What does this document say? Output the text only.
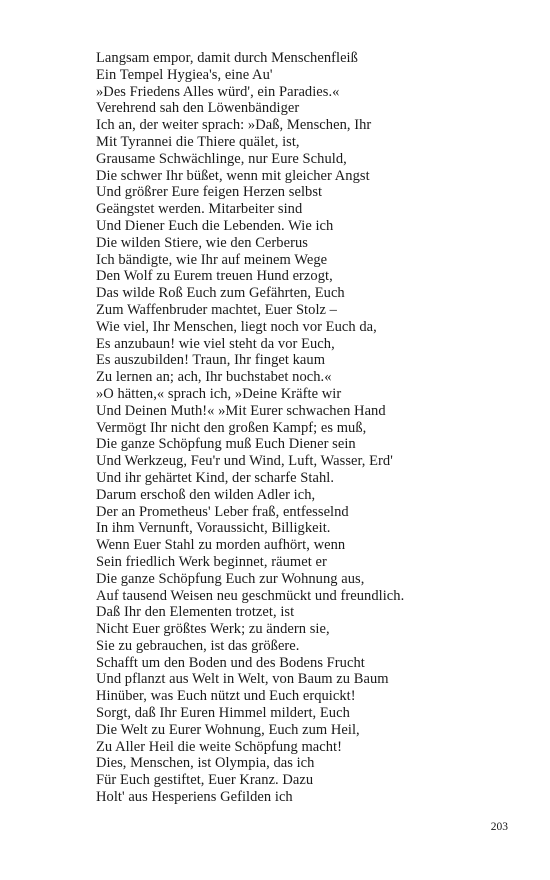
Langsam empor, damit durch Menschenfleiß
Ein Tempel Hygiea's, eine Au'
»Des Friedens Alles würd', ein Paradies.«
Verehrend sah den Löwenbändiger
Ich an, der weiter sprach: »Daß, Menschen, Ihr
Mit Tyrannei die Thiere quälet, ist,
Grausame Schwächlinge, nur Eure Schuld,
Die schwer Ihr büßet, wenn mit gleicher Angst
Und größrer Eure feigen Herzen selbst
Geängstet werden. Mitarbeiter sind
Und Diener Euch die Lebenden. Wie ich
Die wilden Stiere, wie den Cerberus
Ich bändigte, wie Ihr auf meinem Wege
Den Wolf zu Eurem treuen Hund erzogt,
Das wilde Roß Euch zum Gefährten, Euch
Zum Waffenbruder machtet, Euer Stolz –
Wie viel, Ihr Menschen, liegt noch vor Euch da,
Es anzubaun! wie viel steht da vor Euch,
Es auszubilden! Traun, Ihr finget kaum
Zu lernen an; ach, Ihr buchstabet noch.«
»O hätten,« sprach ich, »Deine Kräfte wir
Und Deinen Muth!« »Mit Eurer schwachen Hand
Vermögt Ihr nicht den großen Kampf; es muß,
Die ganze Schöpfung muß Euch Diener sein
Und Werkzeug, Feu'r und Wind, Luft, Wasser, Erd'
Und ihr gehärtet Kind, der scharfe Stahl.
Darum erschoß den wilden Adler ich,
Der an Prometheus' Leber fraß, entfesselnd
In ihm Vernunft, Voraussicht, Billigkeit.
Wenn Euer Stahl zu morden aufhört, wenn
Sein friedlich Werk beginnet, räumet er
Die ganze Schöpfung Euch zur Wohnung aus,
Auf tausend Weisen neu geschmückt und freundlich.
Daß Ihr den Elementen trotzet, ist
Nicht Euer größtes Werk; zu ändern sie,
Sie zu gebrauchen, ist das größere.
Schafft um den Boden und des Bodens Frucht
Und pflanzt aus Welt in Welt, von Baum zu Baum
Hinüber, was Euch nützt und Euch erquickt!
Sorgt, daß Ihr Euren Himmel mildert, Euch
Die Welt zu Eurer Wohnung, Euch zum Heil,
Zu Aller Heil die weite Schöpfung macht!
Dies, Menschen, ist Olympia, das ich
Für Euch gestiftet, Euer Kranz. Dazu
Holt' aus Hesperiens Gefilden ich
203
